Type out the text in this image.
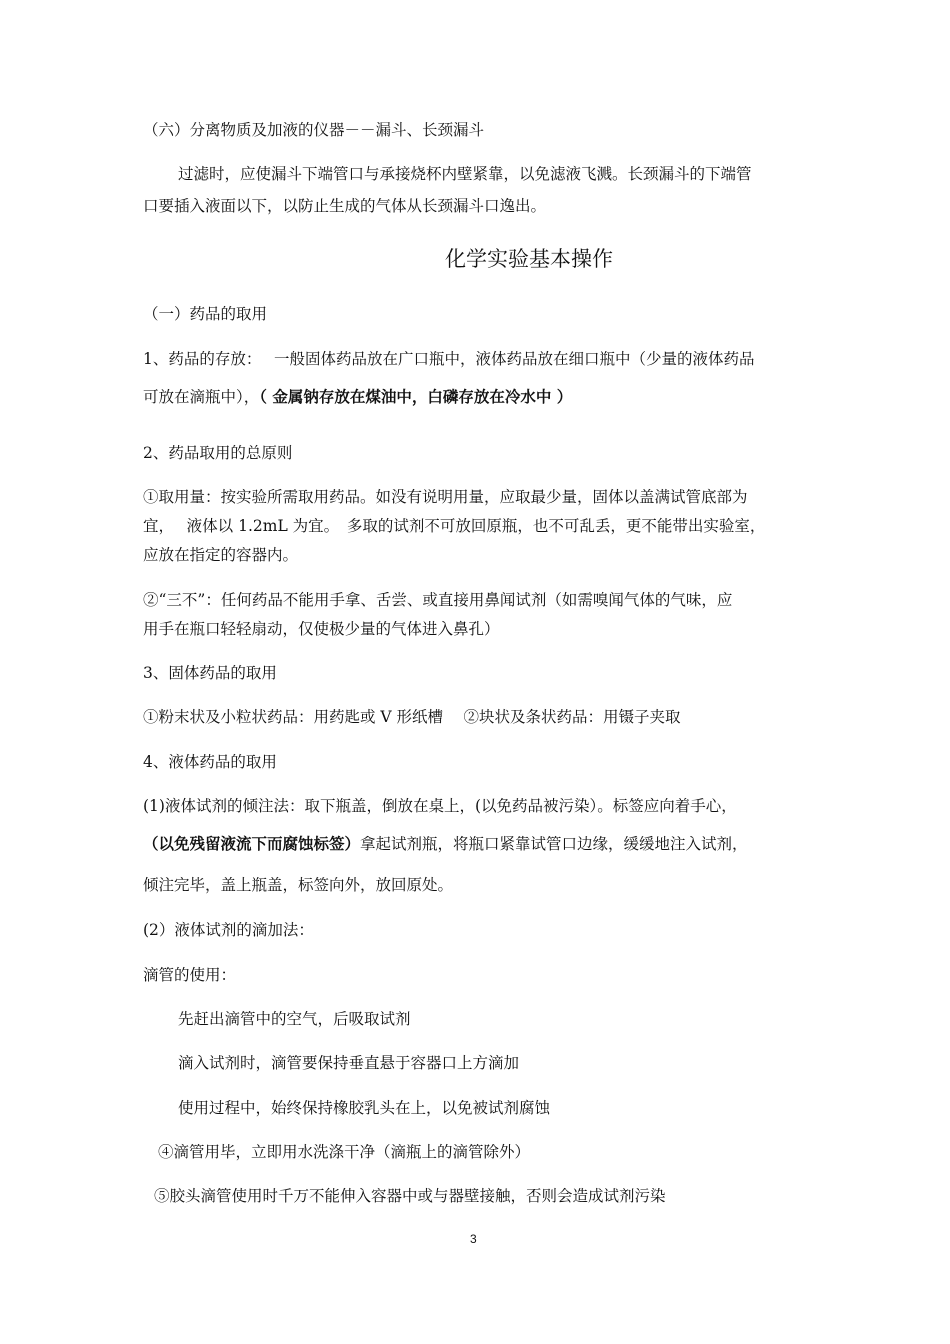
（六）分离物质及加液的仪器－－漏斗、长颈漏斗
过滤时，应使漏斗下端管口与承接烧杯内壁紧靠，以免滤液飞溅。长颈漏斗的下端管
口要插入液面以下，以防止生成的气体从长颈漏斗口逸出。
化学实验基本操作
（一）药品的取用
1、药品的存放：　 一般固体药品放在广口瓶中，液体药品放在细口瓶中（少量的液体药品
可放在滴瓶中），（ 金属钠存放在煤油中，白磷存放在冷水中 ）
2、药品取用的总原则
①取用量：按实验所需取用药品。如没有说明用量，应取最少量，固体以盖满试管底部为
宜，　 液体以 1.2mL 为宜。　多取的试剂不可放回原瓶，也不可乱丢，更不能带出实验室，
应放在指定的容器内。
②“三不”：任何药品不能用手拿、舌尝、或直接用鼻闻试剂（如需嗅闻气体的气味，应
用手在瓶口轻轻扇动，仅使极少量的气体进入鼻孔）
3、固体药品的取用
①粉末状及小粒状药品：用药匙或 V 形纸槽　 ②块状及条状药品：用镊子夹取
4、液体药品的取用
(1)液体试剂的倾注法：取下瓶盖，倒放在桌上，(以免药品被污染）。标签应向着手心，
（以免残留液流下而腐蚀标签）拿起试剂瓶，将瓶口紧靠试管口边缘，缓缓地注入试剂，
倾注完毕，盖上瓶盖，标签向外，放回原处。
(2）液体试剂的滴加法：
滴管的使用：
先赶出滴管中的空气，后吸取试剂
滴入试剂时，滴管要保持垂直悬于容器口上方滴加
使用过程中，始终保持橡胶乳头在上，以免被试剂腐蚀
④滴管用毕，立即用水洗涤干净（滴瓶上的滴管除外）
⑤胶头滴管使用时千万不能伸入容器中或与器壁接触，否则会造成试剂污染
3
